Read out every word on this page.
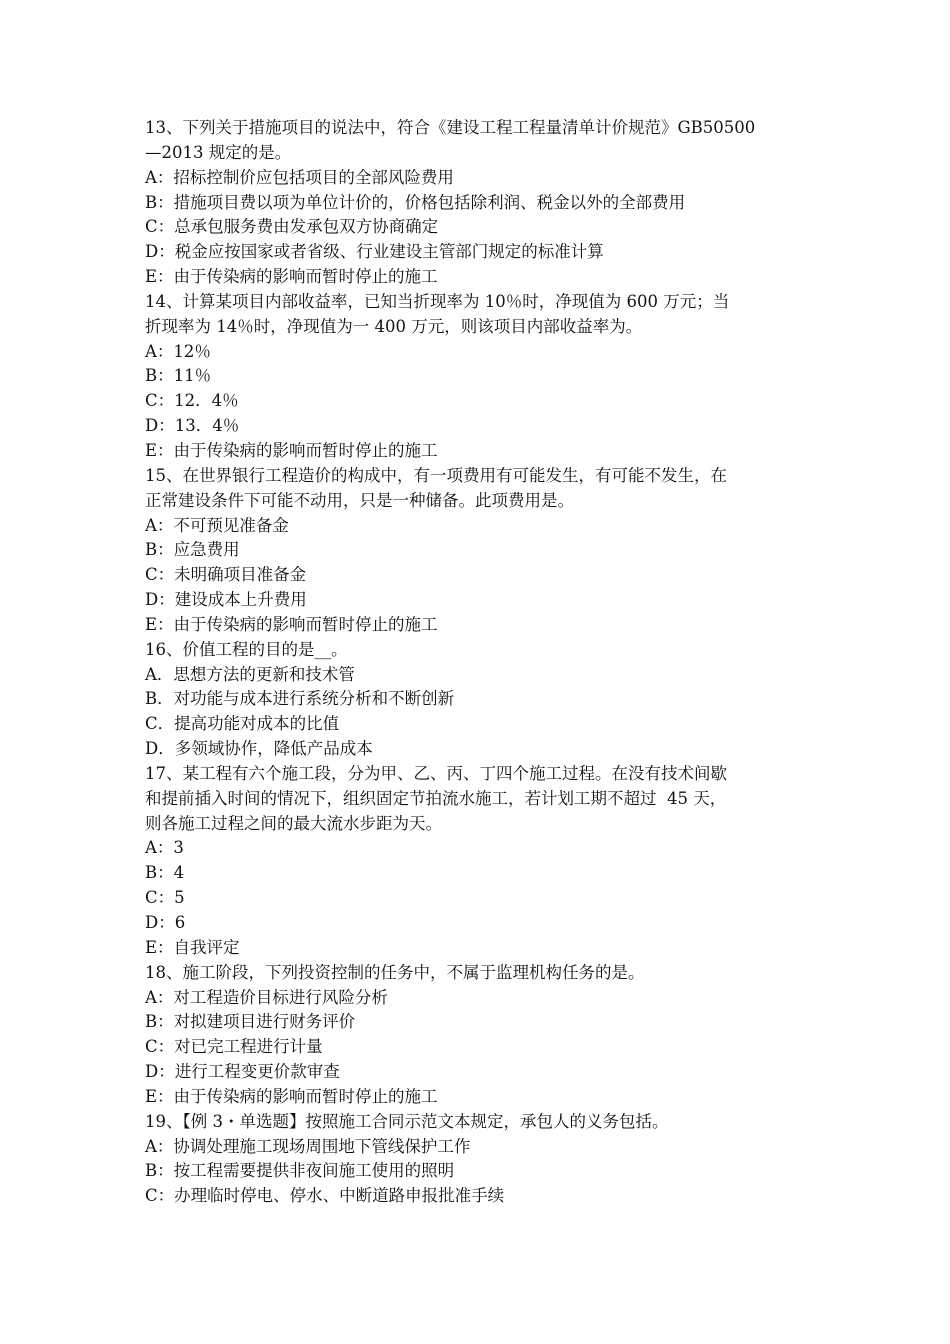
13、下列关于措施项目的说法中，符合《建设工程工程量清单计价规范》GB50500
—2013 规定的是。
A：招标控制价应包括项目的全部风险费用
B：措施项目费以项为单位计价的，价格包括除利润、税金以外的全部费用
C：总承包服务费由发承包双方协商确定
D：税金应按国家或者省级、行业建设主管部门规定的标准计算
E：由于传染病的影响而暂时停止的施工
14、计算某项目内部收益率，已知当折现率为 10％时，净现值为 600 万元；当
折现率为 14％时，净现值为一 400 万元，则该项目内部收益率为。
A：12％
B：11％
C：12．4％
D：13．4％
E：由于传染病的影响而暂时停止的施工
15、在世界银行工程造价的构成中，有一项费用有可能发生，有可能不发生，在
正常建设条件下可能不动用，只是一种储备。此项费用是。
A：不可预见准备金
B：应急费用
C：未明确项目准备金
D：建设成本上升费用
E：由于传染病的影响而暂时停止的施工
16、价值工程的目的是__。
A．思想方法的更新和技术管
B．对功能与成本进行系统分析和不断创新
C．提高功能对成本的比值
D．多领域协作，降低产品成本
17、某工程有六个施工段，分为甲、乙、丙、丁四个施工过程。在没有技术间歇
和提前插入时间的情况下，组织固定节拍流水施工，若计划工期不超过  45 天，
则各施工过程之间的最大流水步距为天。
A：3
B：4
C：5
D：6
E：自我评定
18、施工阶段，下列投资控制的任务中，不属于监理机构任务的是。
A：对工程造价目标进行风险分析
B：对拟建项目进行财务评价
C：对已完工程进行计量
D：进行工程变更价款审查
E：由于传染病的影响而暂时停止的施工
19、【例 3・单选题】按照施工合同示范文本规定，承包人的义务包括。
A：协调处理施工现场周围地下管线保护工作
B：按工程需要提供非夜间施工使用的照明
C：办理临时停电、停水、中断道路申报批准手续
